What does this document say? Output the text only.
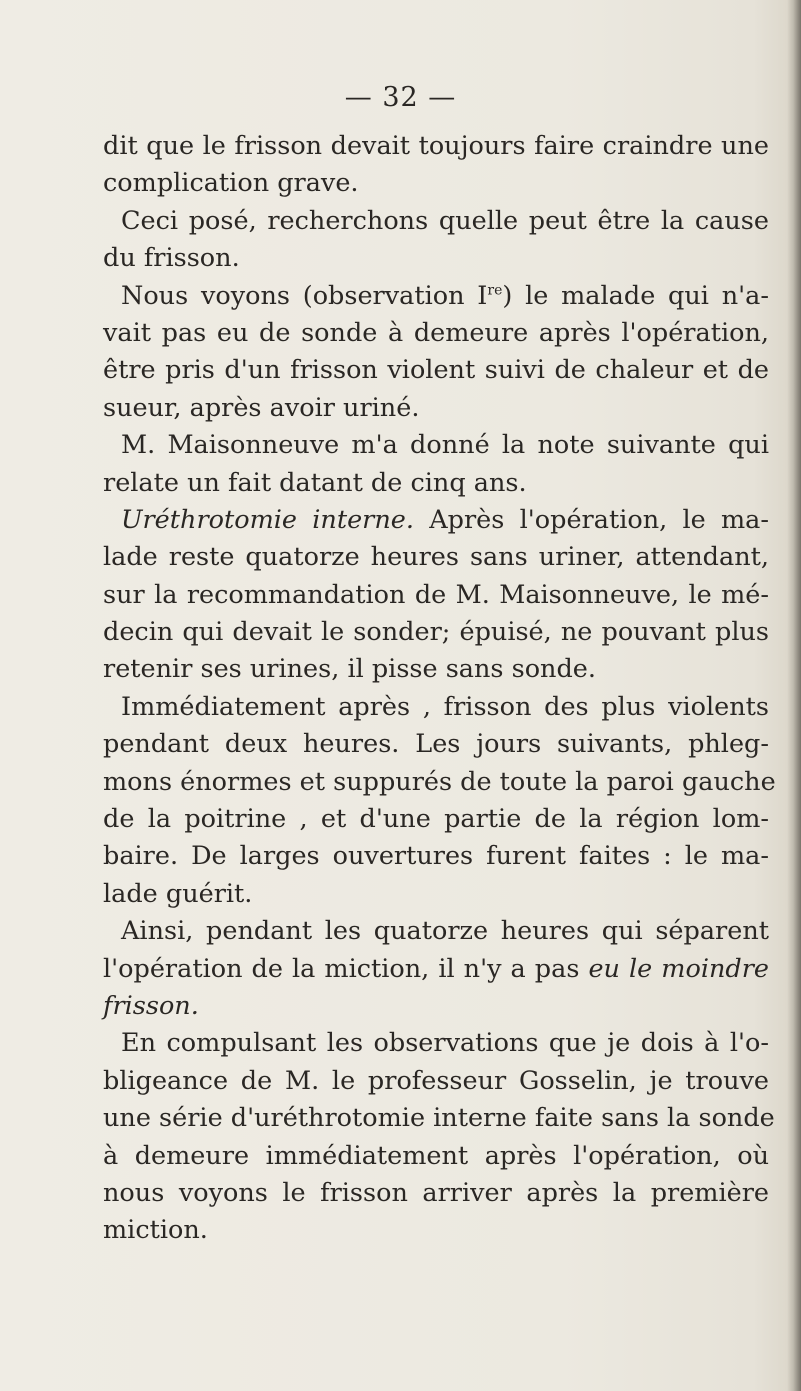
— 32 —
dit que le frisson devait toujours faire craindre une
complication grave.
Ceci posé, recherchons quelle peut être la cause
du frisson.
Nous voyons (observation Ire) le malade qui n'a-
vait pas eu de sonde à demeure après l'opération,
être pris d'un frisson violent suivi de chaleur et de
sueur, après avoir uriné.
M. Maisonneuve m'a donné la note suivante qui
relate un fait datant de cinq ans.
Uréthrotomie interne. Après l'opération, le ma-
lade reste quatorze heures sans uriner, attendant,
sur la recommandation de M. Maisonneuve, le mé-
decin qui devait le sonder; épuisé, ne pouvant plus
retenir ses urines, il pisse sans sonde.
Immédiatement après , frisson des plus violents
pendant deux heures. Les jours suivants, phleg-
mons énormes et suppurés de toute la paroi gauche
de la poitrine , et d'une partie de la région lom-
baire. De larges ouvertures furent faites : le ma-
lade guérit.
Ainsi, pendant les quatorze heures qui séparent
l'opération de la miction, il n'y a pas eu le moindre
frisson.
En compulsant les observations que je dois à l'o-
bligeance de M. le professeur Gosselin, je trouve
une série d'uréthrotomie interne faite sans la sonde
à demeure immédiatement après l'opération, où
nous voyons le frisson arriver après la première
miction.
